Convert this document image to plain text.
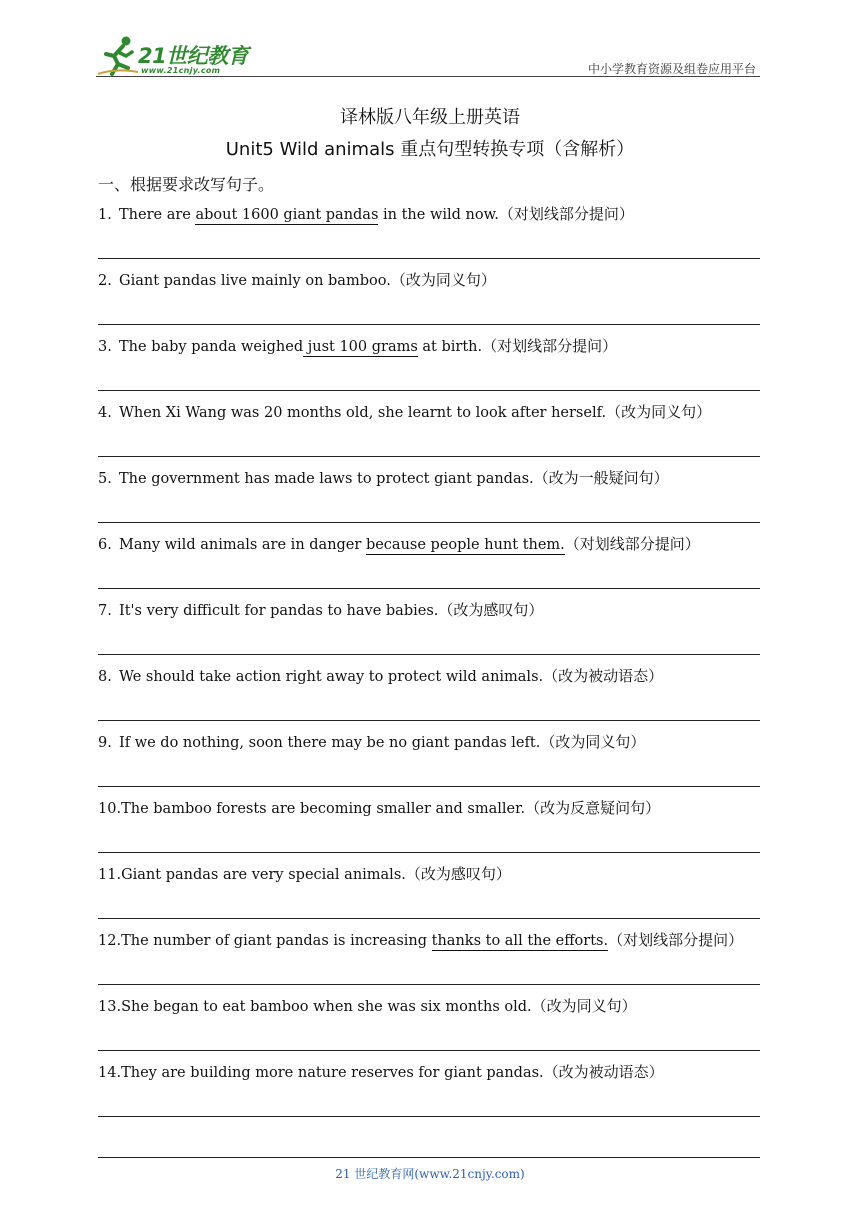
21世纪教育
www.21cnjy.com	中小学教育资源及组卷应用平台
译林版八年级上册英语
Unit5 Wild animals 重点句型转换专项（含解析）
一、根据要求改写句子。
1. There are about 1600 giant pandas in the wild now.（对划线部分提问）
2. Giant pandas live mainly on bamboo.（改为同义句）
3. The baby panda weighed just 100 grams at birth.（对划线部分提问）
4. When Xi Wang was 20 months old, she learnt to look after herself.（改为同义句）
5. The government has made laws to protect giant pandas.（改为一般疑问句）
6. Many wild animals are in danger because people hunt them.（对划线部分提问）
7. It's very difficult for pandas to have babies.（改为感叹句）
8. We should take action right away to protect wild animals.（改为被动语态）
9. If we do nothing, soon there may be no giant pandas left.（改为同义句）
10.The bamboo forests are becoming smaller and smaller.（改为反意疑问句）
11.Giant pandas are very special animals.（改为感叹句）
12.The number of giant pandas is increasing thanks to all the efforts.（对划线部分提问）
13.She began to eat bamboo when she was six months old.（改为同义句）
14.They are building more nature reserves for giant pandas.（改为被动语态）
21 世纪教育网(www.21cnjy.com)
